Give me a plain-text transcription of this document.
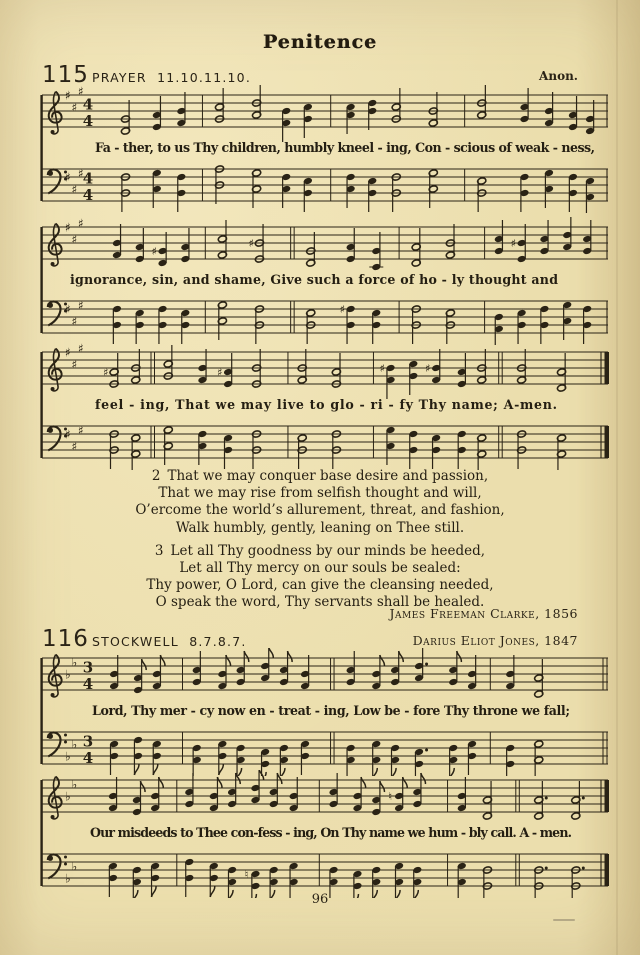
Penitence
115 PRAYER 11.10.11.10.	Anon.
♯
♯
♯
4
4
♯
♯
♯
4
4
Fa - ther, to us Thy children, humbly kneel - ing, Con - scious of weak - ness,
♯
♯
♯
♯
♯	♯
♯
♯
♯	♯
ignorance, sin, and shame, Give such a force of ho - ly thought and
♯
♯
♯
♯	♯	♯	♯
♯
♯
♯
feel - ing, That we may live to glo - ri - fy Thy name; A-men.
2 That we may conquer base desire and passion,
That we may rise from selfish thought and will,
O’ercome the world’s allurement, threat, and fashion,
Walk humbly, gently, leaning on Thee still.
3 Let all Thy goodness by our minds be heeded,
Let all Thy mercy on our souls be sealed:
Thy power, O Lord, can give the cleansing needed,
O speak the word, Thy servants shall be healed.
James Freeman Clarke, 1856
116 STOCKWELL 8.7.8.7.	Darius Eliot Jones, 1847
♭
♭ 3
4
♭
♭ 3
4
Lord, Thy mer - cy now en - treat - ing, Low be - fore Thy throne we fall;
♭
♭
♮
♭
♭
♮
Our misdeeds to Thee con-fess - ing, On Thy name we hum - bly call. A - men.
96
